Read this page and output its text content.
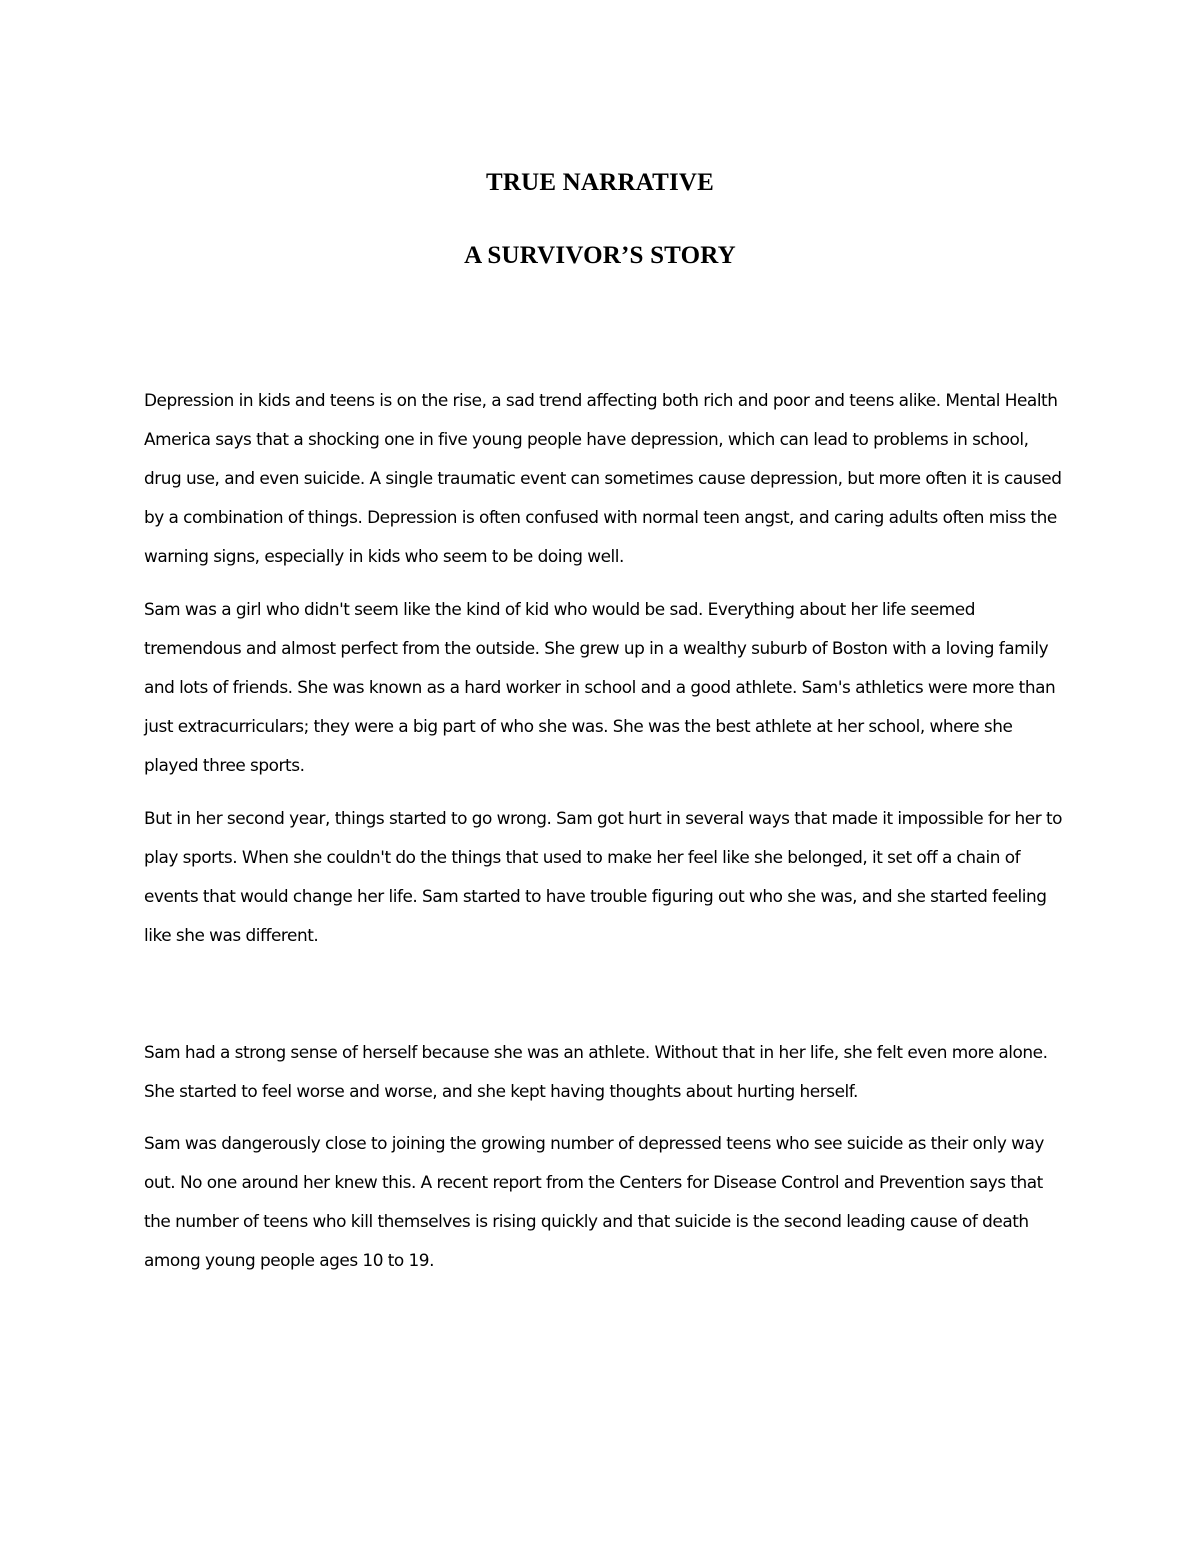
TRUE NARRATIVE
A SURVIVOR’S STORY

Depression in kids and teens is on the rise, a sad trend affecting both rich and poor and teens alike. Mental Health America says that a shocking one in five young people have depression, which can lead to problems in school, drug use, and even suicide. A single traumatic event can sometimes cause depression, but more often it is caused by a combination of things. Depression is often confused with normal teen angst, and caring adults often miss the warning signs, especially in kids who seem to be doing well.

Sam was a girl who didn't seem like the kind of kid who would be sad. Everything about her life seemed tremendous and almost perfect from the outside. She grew up in a wealthy suburb of Boston with a loving family and lots of friends. She was known as a hard worker in school and a good athlete. Sam's athletics were more than just extracurriculars; they were a big part of who she was. She was the best athlete at her school, where she played three sports.

But in her second year, things started to go wrong. Sam got hurt in several ways that made it impossible for her to play sports. When she couldn't do the things that used to make her feel like she belonged, it set off a chain of events that would change her life. Sam started to have trouble figuring out who she was, and she started feeling like she was different.

Sam had a strong sense of herself because she was an athlete. Without that in her life, she felt even more alone. She started to feel worse and worse, and she kept having thoughts about hurting herself.

Sam was dangerously close to joining the growing number of depressed teens who see suicide as their only way out. No one around her knew this. A recent report from the Centers for Disease Control and Prevention says that the number of teens who kill themselves is rising quickly and that suicide is the second leading cause of death among young people ages 10 to 19.
